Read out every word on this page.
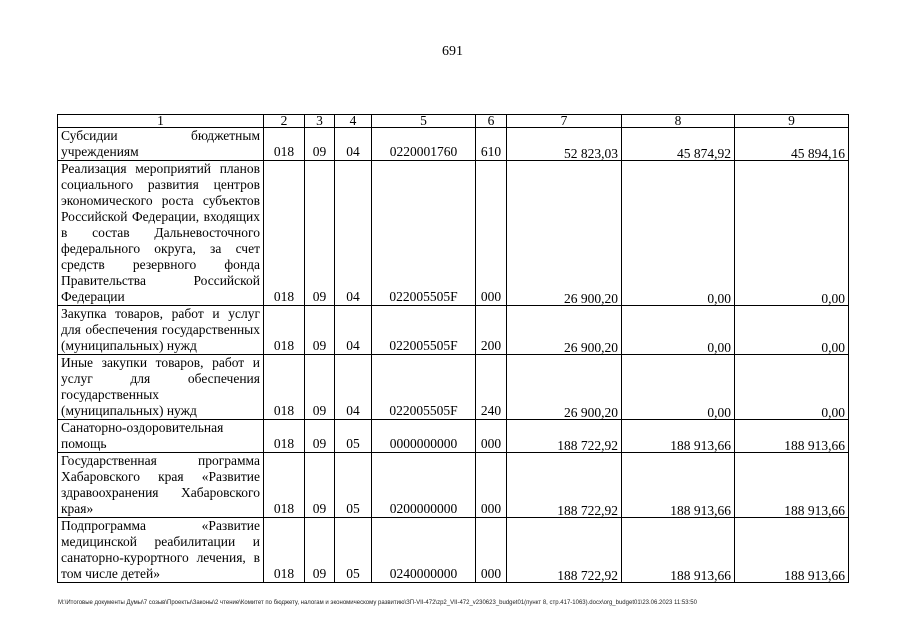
691
1	2	3	4	5	6	7	8	9
Субсидии бюджетным учреждениям	018	09	04	0220001760	610	52 823,03	45 874,92	45 894,16
Реализация мероприятий планов социального развития центров экономического роста субъектов Российской Федерации, входящих в состав Дальневосточного федерального округа, за счет средств резервного фонда Правительства Российской Федерации	018	09	04	022005505F	000	26 900,20	0,00	0,00
Закупка товаров, работ и услуг для обеспечения государственных (муниципальных) нужд	018	09	04	022005505F	200	26 900,20	0,00	0,00
Иные закупки товаров, работ и услуг для обеспечения государственных (муниципальных) нужд	018	09	04	022005505F	240	26 900,20	0,00	0,00
Санаторно-оздоровительная помощь	018	09	05	0000000000	000	188 722,92	188 913,66	188 913,66
Государственная программа Хабаровского края «Развитие здравоохранения Хабаровского края»	018	09	05	0200000000	000	188 722,92	188 913,66	188 913,66
Подпрограмма «Развитие медицинской реабилитации и санаторно-курортного лечения, в том числе детей»	018	09	05	0240000000	000	188 722,92	188 913,66	188 913,66
M:\Итоговые документы Думы\7 созыв\Проекты\Законы\2 чтение\Комитет по бюджету, налогам и экономическому развитию\ЗП-VII-472\zp2_VII-472_v230623_budget01(пункт 8, стр.417-1063).docx\org_budget01\23.06.2023 11:53:50
